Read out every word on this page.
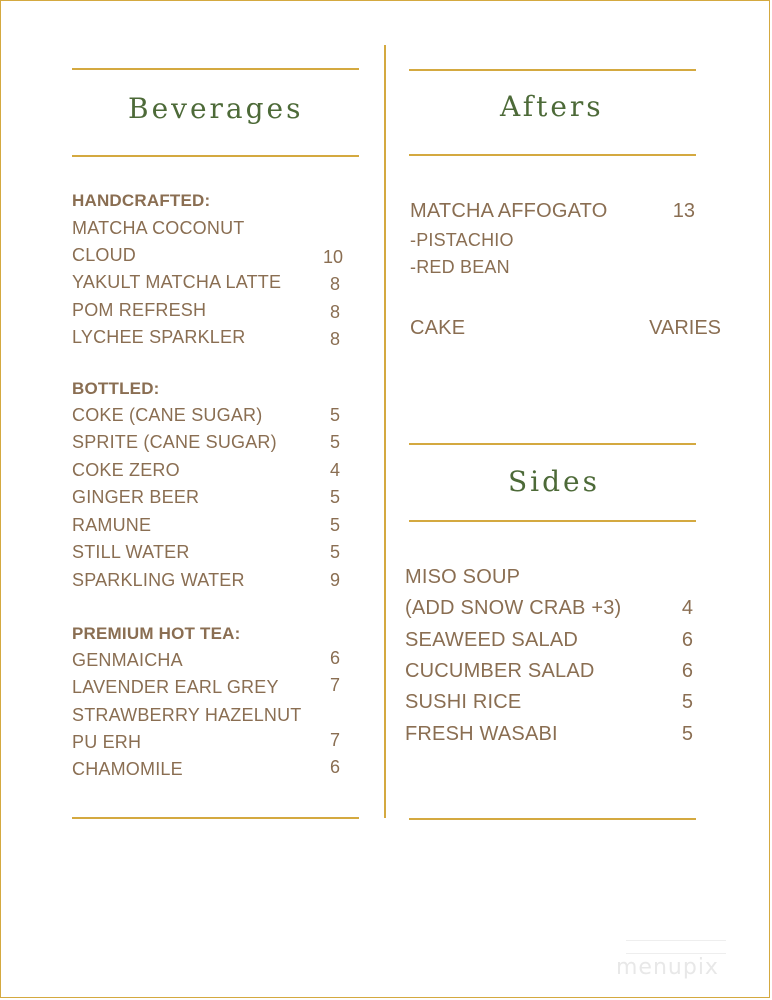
Beverages	Afters
Sides
HANDCRAFTED:
MATCHA COCONUT
CLOUD	10
YAKULT MATCHA LATTE	8
POM REFRESH	8
LYCHEE SPARKLER	8
BOTTLED:
COKE (CANE SUGAR)	5
SPRITE (CANE SUGAR)	5
COKE ZERO	4
GINGER BEER	5
RAMUNE	5
STILL WATER	5
SPARKLING WATER	9
PREMIUM HOT TEA:
GENMAICHA	6
LAVENDER EARL GREY	7
STRAWBERRY HAZELNUT
PU ERH	7
CHAMOMILE	6
MATCHA AFFOGATO	13
-PISTACHIO
-RED BEAN
CAKE	VARIES
MISO SOUP
(ADD SNOW CRAB +3)	4
SEAWEED SALAD	6
CUCUMBER SALAD	6
SUSHI RICE	5
FRESH WASABI	5
menupix
